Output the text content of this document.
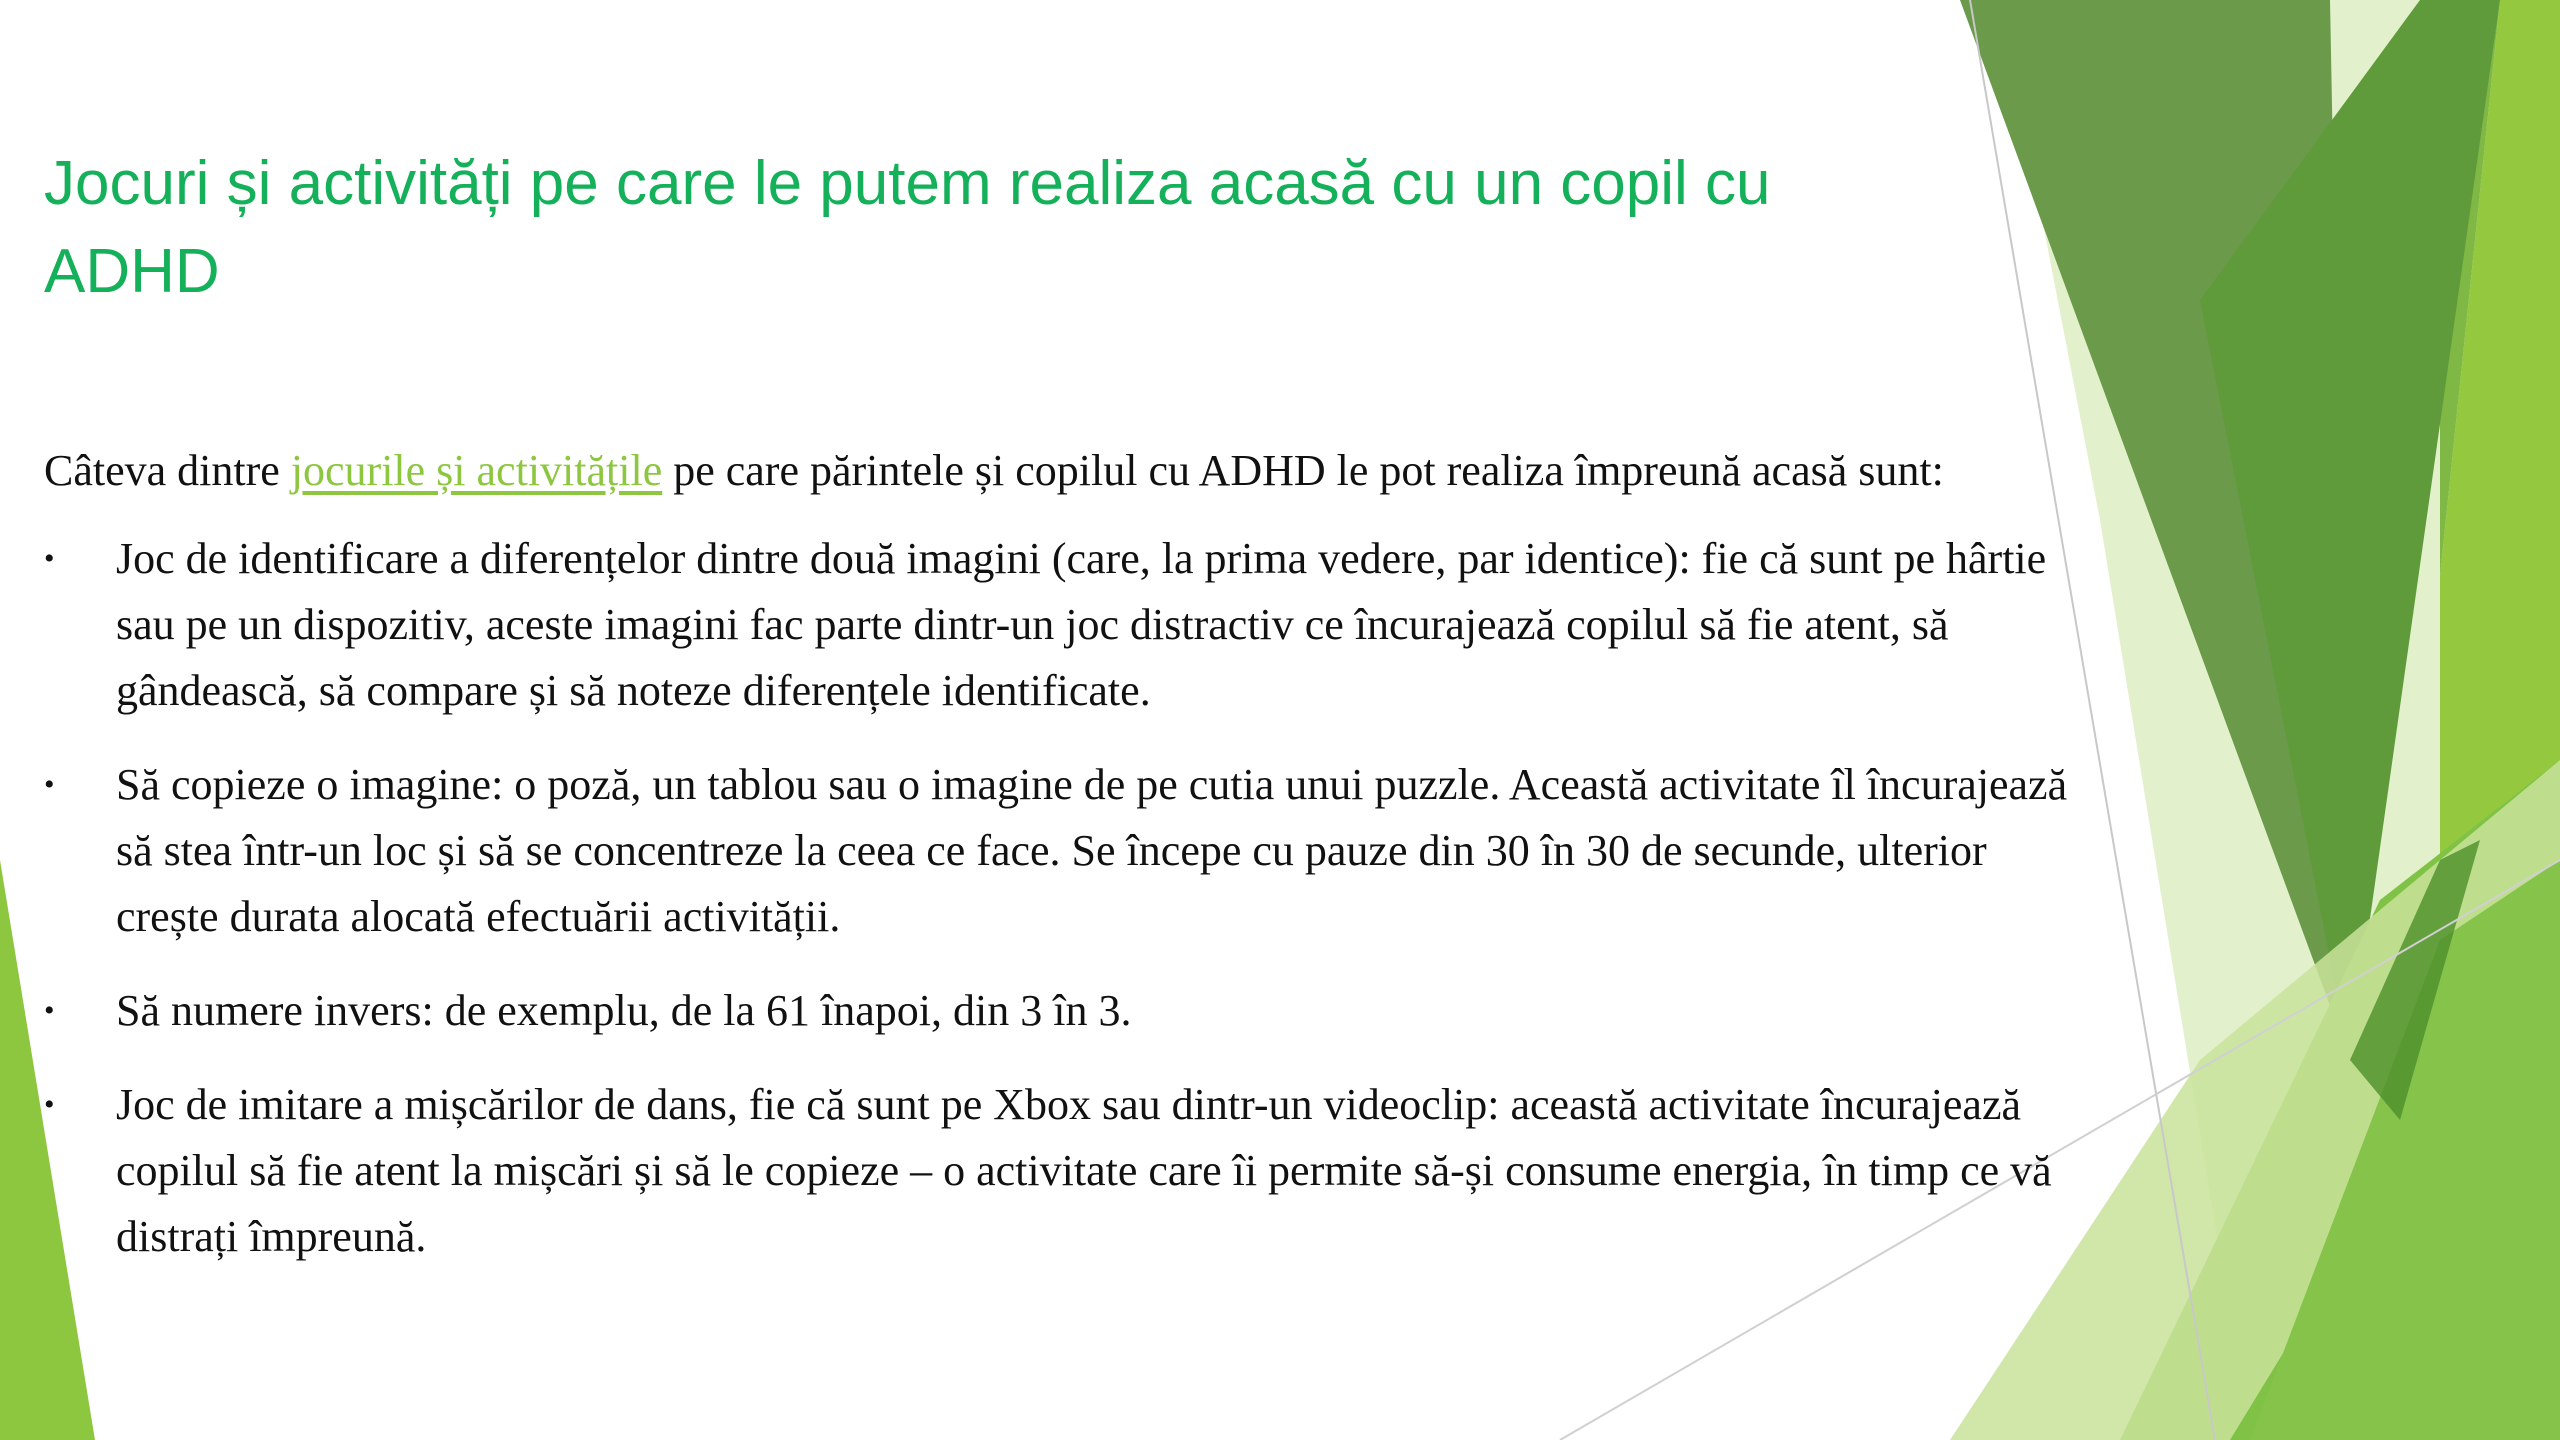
Jocuri și activități pe care le putem realiza acasă cu un copil cu ADHD

Câteva dintre jocurile și activitățile pe care părintele și copilul cu ADHD le pot realiza împreună acasă sunt:

• Joc de identificare a diferențelor dintre două imagini (care, la prima vedere, par identice): fie că sunt pe hârtie sau pe un dispozitiv, aceste imagini fac parte dintr-un joc distractiv ce încurajează copilul să fie atent, să gândească, să compare și să noteze diferențele identificate.
• Să copieze o imagine: o poză, un tablou sau o imagine de pe cutia unui puzzle. Această activitate îl încurajează să stea într-un loc și să se concentreze la ceea ce face. Se începe cu pauze din 30 în 30 de secunde, ulterior crește durata alocată efectuării activității.
• Să numere invers: de exemplu, de la 61 înapoi, din 3 în 3.
• Joc de imitare a mișcărilor de dans, fie că sunt pe Xbox sau dintr-un videoclip: această activitate încurajează copilul să fie atent la mișcări și să le copieze – o activitate care îi permite să-și consume energia, în timp ce vă distrați împreună.
